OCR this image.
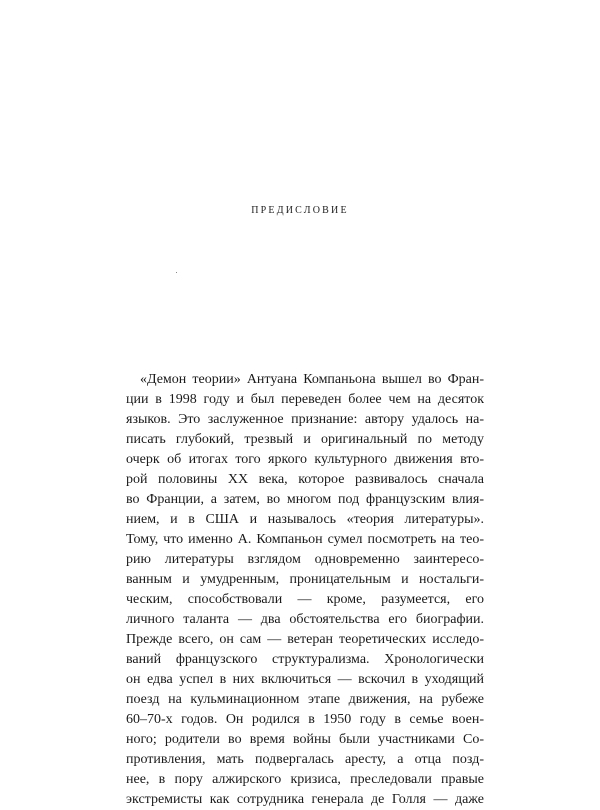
ПРЕДИСЛОВИЕ
«Демон теории» Антуана Компаньона вышел во Фран-
ции в 1998 году и был переведен более чем на десяток
языков. Это заслуженное признание: автору удалось на-
писать глубокий, трезвый и оригинальный по методу
очерк об итогах того яркого культурного движения вто-
рой половины XX века, которое развивалось сначала
во Франции, а затем, во многом под французским влия-
нием, и в США и называлось «теория литературы».
Тому, что именно А. Компаньон сумел посмотреть на тео-
рию литературы взглядом одновременно заинтересо-
ванным и умудренным, проницательным и ностальги-
ческим, способствовали — кроме, разумеется, его
личного таланта — два обстоятельства его биографии.
Прежде всего, он сам — ветеран теоретических исследо-
ваний французского структурализма. Хронологически
он едва успел в них включиться — вскочил в уходящий
поезд на кульминационном этапе движения, на рубеже
60–70-х годов. Он родился в 1950 году в семье воен-
ного; родители во время войны были участниками Со-
противления, мать подвергалась аресту, а отца позд-
нее, в пору алжирского кризиса, преследовали правые
экстремисты как сотрудника генерала де Голля — даже
